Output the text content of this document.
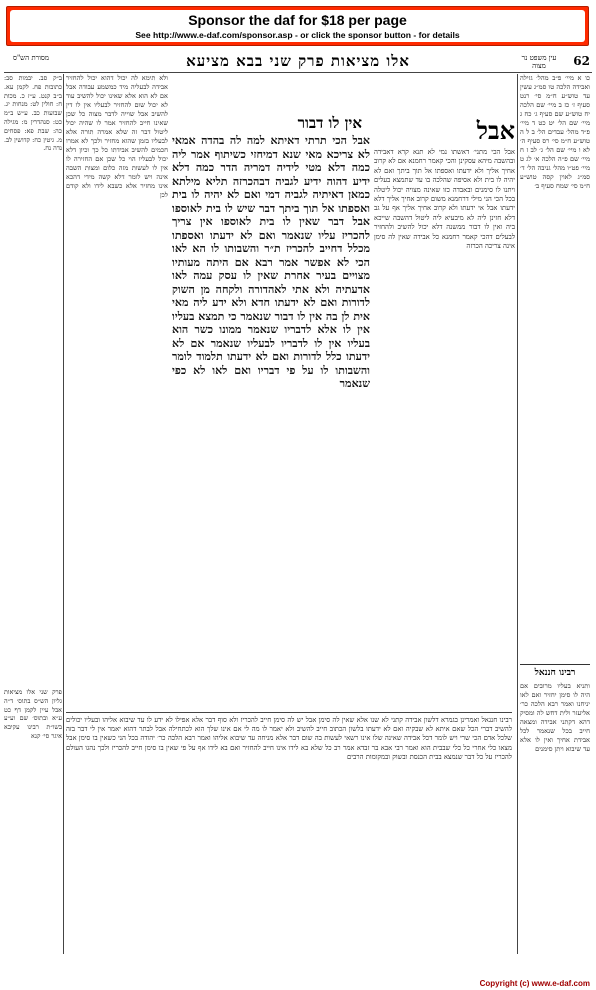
Sponsor the daf for $18 per page
See http://www.e-daf.com/sponsor.asp - or click the sponsor button - for details
62
עין משפט נר מצוה
אלו מציאות פרק שני בבא מציעא
מסורת הש"ס

כו א מיי׳ פ״ב מהל׳ גזילה ואבידה הלכה טו סמ״ג עשין עד טוש״ע ח״מ סי׳ רנט סעיף ז׳ כז ב מיי׳ שם הלכה יח טוש״ע שם סעיף ג׳ כח ג מיי׳ שם הל׳ יט כט ד מיי׳ פ״ד מהל׳ עבדים הל׳ ב ל ה טוש״ע ח״מ סי׳ רס סעיף ה׳ לא ו מיי׳ שם הל׳ ג׳ לב ז ח מיי׳ שם פ״ה הלכה א׳ לג ט מיי׳ פט״ו מהל׳ גניבה הל׳ ד׳ סמ״ג לאוין קסה טוש״ע ח״מ סי׳ שמח סעיף ב׳

אבל

אבל הכי מתני׳ דאשתו נמי לא תנא קרא דאבידה ובהשבה מיהא עסקינן והכי קאמר רחמנא אם לא קרוב אחיך אליך ולא ידעתו ואספתו אל תוך ביתך ואם לא יהיה לו בית ולא אסיפה שהלכה בו עד שתמצא בעלים ויתנו לו סימנים ובאבדה כזו שאינה מצויה יכול ליטלה בכל הכי הני מילי דרחמנא משום קרוב אחיך אליך דלא ידעתו אבל אי ידעתו ולא קרוב אחיך אליך אף על גב דלא חזינן ליה לא מיבעיא ליה ליטול דהשבה שייכא ביה ואין לו דבור ממשנה דלא יכול להשיב ולהחזיר לבעלים דהכי קאמר רחמנא כל אבידה שאין לה סימן אינה צריכה הכרזה

אין לו דבור

אבל הכי תרתי דאיתא למה לה בהדה אמאי לא צריכא מאי שנא דמיחזי כשיתוף אמר ליה כמה דלא מטי לידיה דמריה הדר כמה דלא ידיע דהוה ידיע לגביה דבהכרזה תליא מילתא כמאן דאיתיה לגביה דמי ואם לא יהיה לו בית ואספתו אל תוך ביתך דבר שיש לו בית לאוספו אבל דבר שאין לו בית לאוספו אין צריך להכריז עליו שנאמר ואם לא ידעתו ואספתו מכלל דחייב להכריז ת״ר והשבותו לו הא לאו הכי לא אפשר אמר רבא אם היתה מעותיו מצויים בעיר אחרת שאין לו עסק עמה לאו אדעתיה ולא אתי לאהדורה ולקחה מן השוק לדורות ואם לא ידעתו חדא ולא ידע ליה מאי אית לן בה אין לו דבור שנאמר כי תמצא בעליו אין לו אלא לדבריו שנאמר ממונו כשר הוא בעליו אין לו לדבריו לבעליו שנאמר אם לא ידעתו כלל לדורות ואם לא ידעתו תלמוד לומר והשבותו לו על פי דבריו ואם לאו לא כפי שנאמר

ולא תימא לה יכול דהוא יכול להחזיר אבידה לבעליה מיד כמשמע עבודה אבל אם לא הוא אלא שאינו יכול להשיב עוד לא יכול שום להחזיר לבעליו אין לו דין להשיב אבל שוייה לדבר מצוה כל שכן שאינו חייב להחזיר אמר לו שהיה יכול ליטול דבר זה שלא אמרה תורה אלא לבעליו בזמן שהוא מחזיר ולכך לא אמרו חכמים להשיב אבידתו כל כך וכיון דלא יכול לבעליו הוי כל שכן אם החזירה לו אין לו לעשות מזה כלום ומצות השבה אינה ויש לומר דלא קשה מידי דהכא אינו מחזיר אלא כשבא לידו ולא קודם לכן

ב״ק סב. יבמות סב: כתובות פח. לקמן עא. ב״ב קנט. ע״ז כ. מכות ח: חולין לט: מנחות יג. שבועות כב. ע״ש ב״מ כט: סנהדרין מ: מגילה כה: שבת פא: פסחים מ. גיטין כח: קדושין לב. נדה נח.

רבינו חננאל ואמרינן בגמרא דלשון אבידה קתני לא שנו אלא שאין לה סימן אבל יש לה סימן חייב להכריז ולא סוף דבר אלא אפילו לא ידע לו עד שיבוא אליהו ובעליו יכולים להשיב דברי הכל שאם איתא לא שבקיה ואם לא ידעתו בלשון הכתוב חייב להשיב ולא יאמר לו מה לי אם אינו שלך הוא לכתחילה אבל לבתר דהוא יאמר אין לי דבר בזה שלכל אדם הכי שרי ויש לומר דכל אבידה שאינה שלו אינו רשאי לעשות בה שום דבר אלא מניחה עד שיבוא אליהו ואמר רבא הלכה כר׳ יהודה בכל הני כשאין בו סימן אבל מצאו כלי אחרי כל כלי שבבית הוא ואמר רבי אבא בר זבדא אמר רב כל שלא בא לידו אינו חייב להחזיר ואם בא לידו אף על פי שאין בו סימן חייב להכריז ולכך נהגו העולם להכריז על כל דבר שנמצא בבית הכנסת ובשוק ובמקומות הרבים

רבינו חננאל

ותניא בעליו מרובים אם היה לו סימן יחזיר ואם לאו יניחנו ואמר רבא הלכה כר׳ אליעזר ולית דחש לה ומסיק דהא דקתני אבידה ומצאה חייב בכל שנאמר לכל אבידת אחיך ואין לו אלא עד שיבוא ויתן סימנים

פרק שני אלו מציאות גליון הש״ס בתוס׳ ד״ה אבל עיין לקמן דף כט ע״א ובתוס׳ שם וע״ע בשו״ת רבינו עקיבא איגר סי׳ קנא

Copyright (c) www.e-daf.com
